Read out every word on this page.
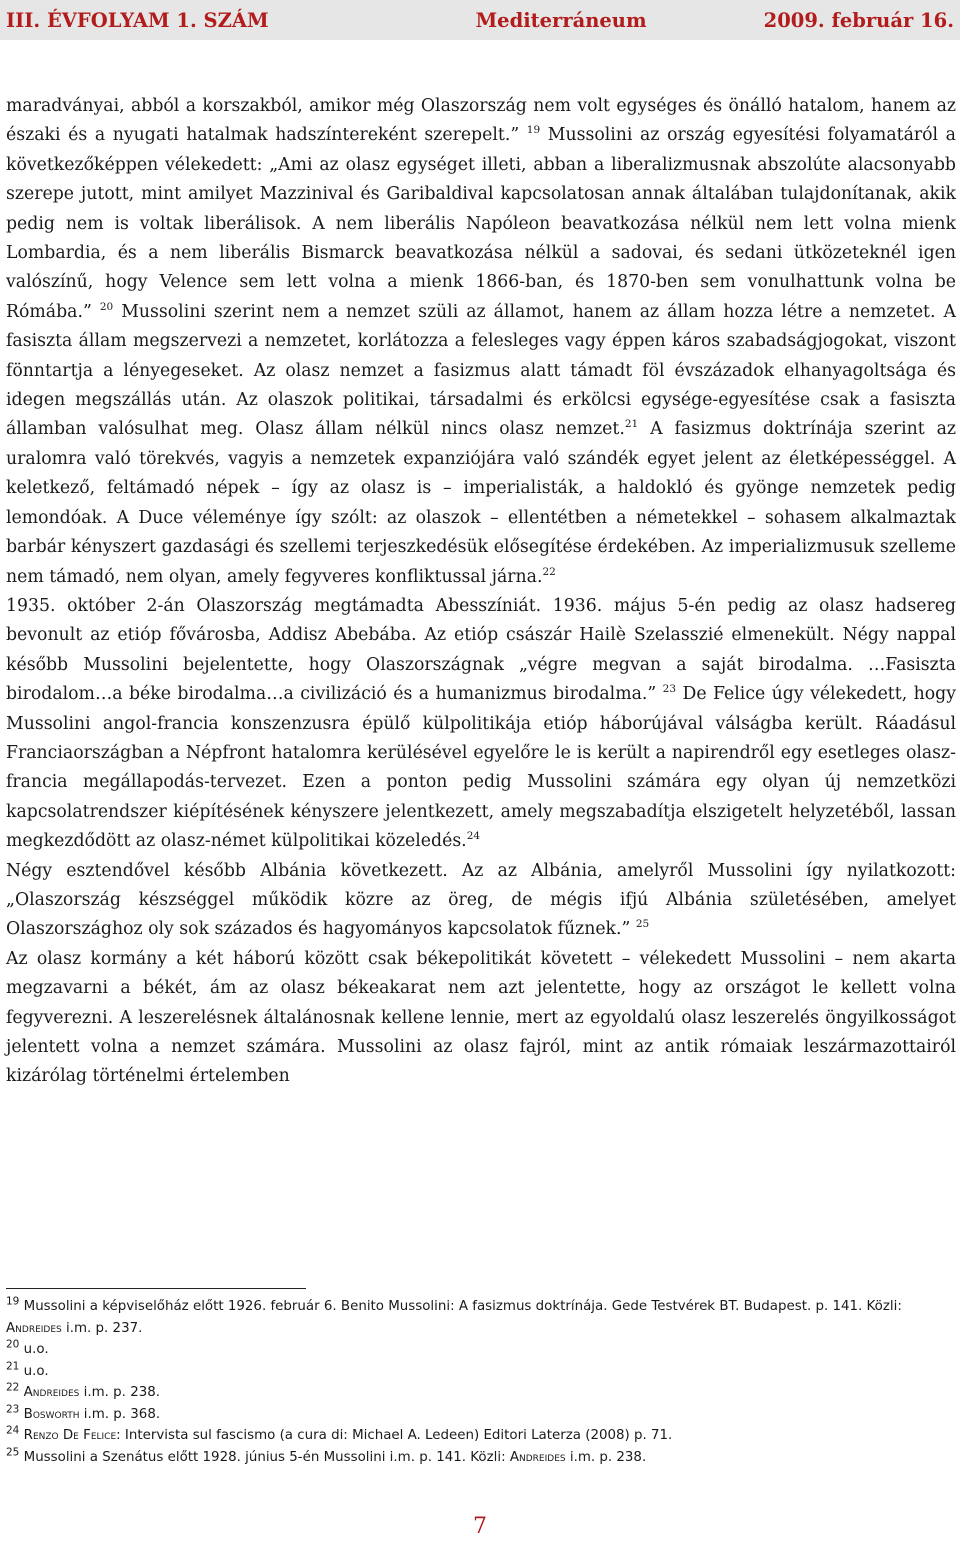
III. ÉVFOLYAM 1. SZÁM	Mediterráneum	2009. február 16.

maradványai, abból a korszakból, amikor még Olaszország nem volt egységes és önálló hatalom, hanem az északi és a nyugati hatalmak hadszíntereként szerepelt.” $^{19}$ Mussolini az ország egyesítési folyamatáról a következőképpen vélekedett: „Ami az olasz egységet illeti, abban a liberalizmusnak abszolúte alacsonyabb szerepe jutott, mint amilyet Mazzinival és Garibaldival kapcsolatosan annak általában tulajdonítanak, akik pedig nem is voltak liberálisok. A nem liberális Napóleon beavatkozása nélkül nem lett volna mienk Lombardia, és a nem liberális Bismarck beavatkozása nélkül a sadovai, és sedani ütközeteknél igen valószínű, hogy Velence sem lett volna a mienk 1866-ban, és 1870-ben sem vonulhattunk volna be Rómába.” $^{20}$ Mussolini szerint nem a nemzet szüli az államot, hanem az állam hozza létre a nemzetet. A fasiszta állam megszervezi a nemzetet, korlátozza a felesleges vagy éppen káros szabadságjogokat, viszont fönntartja a lényegeseket. Az olasz nemzet a fasizmus alatt támadt föl évszázadok elhanyagoltsága és idegen megszállás után. Az olaszok politikai, társadalmi és erkölcsi egysége-egyesítése csak a fasiszta államban valósulhat meg. Olasz állam nélkül nincs olasz nemzet.$^{21}$ A fasizmus doktrínája szerint az uralomra való törekvés, vagyis a nemzetek expanziójára való szándék egyet jelent az életképességgel. A keletkező, feltámadó népek – így az olasz is – imperialisták, a haldokló és gyönge nemzetek pedig lemondóak. A Duce véleménye így szólt: az olaszok – ellentétben a németekkel – sohasem alkalmaztak barbár kényszert gazdasági és szellemi terjeszkedésük elősegítése érdekében. Az imperializmusuk szelleme nem támadó, nem olyan, amely fegyveres konfliktussal járna.$^{22}$

1935. október 2-án Olaszország megtámadta Abesszíniát. 1936. május 5-én pedig az olasz hadsereg bevonult az etióp fővárosba, Addisz Abebába. Az etióp császár Hailè Szelasszié elmenekült. Négy nappal később Mussolini bejelentette, hogy Olaszországnak „végre megvan a saját birodalma. …Fasiszta birodalom…a béke birodalma…a civilizáció és a humanizmus birodalma.” $^{23}$ De Felice úgy vélekedett, hogy Mussolini angol-francia konszenzusra épülő külpolitikája etióp háborújával válságba került. Ráadásul Franciaországban a Népfront hatalomra kerülésével egyelőre le is került a napirendről egy esetleges olasz-francia megállapodás-tervezet. Ezen a ponton pedig Mussolini számára egy olyan új nemzetközi kapcsolatrendszer kiépítésének kényszere jelentkezett, amely megszabadítja elszigetelt helyzetéből, lassan megkezdődött az olasz-német külpolitikai közeledés.$^{24}$

Négy esztendővel később Albánia következett. Az az Albánia, amelyről Mussolini így nyilatkozott: „Olaszország készséggel működik közre az öreg, de mégis ifjú Albánia születésében, amelyet Olaszországhoz oly sok százados és hagyományos kapcsolatok fűznek.” $^{25}$

Az olasz kormány a két háború között csak békepolitikát követett – vélekedett Mussolini – nem akarta megzavarni a békét, ám az olasz békeakarat nem azt jelentette, hogy az országot le kellett volna fegyverezni. A leszerelésnek általánosnak kellene lennie, mert az egyoldalú olasz leszerelés öngyilkosságot jelentett volna a nemzet számára. Mussolini az olasz fajról, mint az antik rómaiak leszármazottairól kizárólag történelmi értelemben

$^{19}$ Mussolini a képviselőház előtt 1926. február 6. Benito Mussolini: A fasizmus doktrínája. Gede Testvérek BT. Budapest. p. 141. Közli: Andreides i.m. p. 237.
$^{20}$ u.o.
$^{21}$ u.o.
$^{22}$ Andreides i.m. p. 238.
$^{23}$ Bosworth i.m. p. 368.
$^{24}$ Renzo De Felice: Intervista sul fascismo (a cura di: Michael A. Ledeen) Editori Laterza (2008) p. 71.
$^{25}$ Mussolini a Szenátus előtt 1928. június 5-én Mussolini i.m. p. 141. Közli: Andreides i.m. p. 238.
7
